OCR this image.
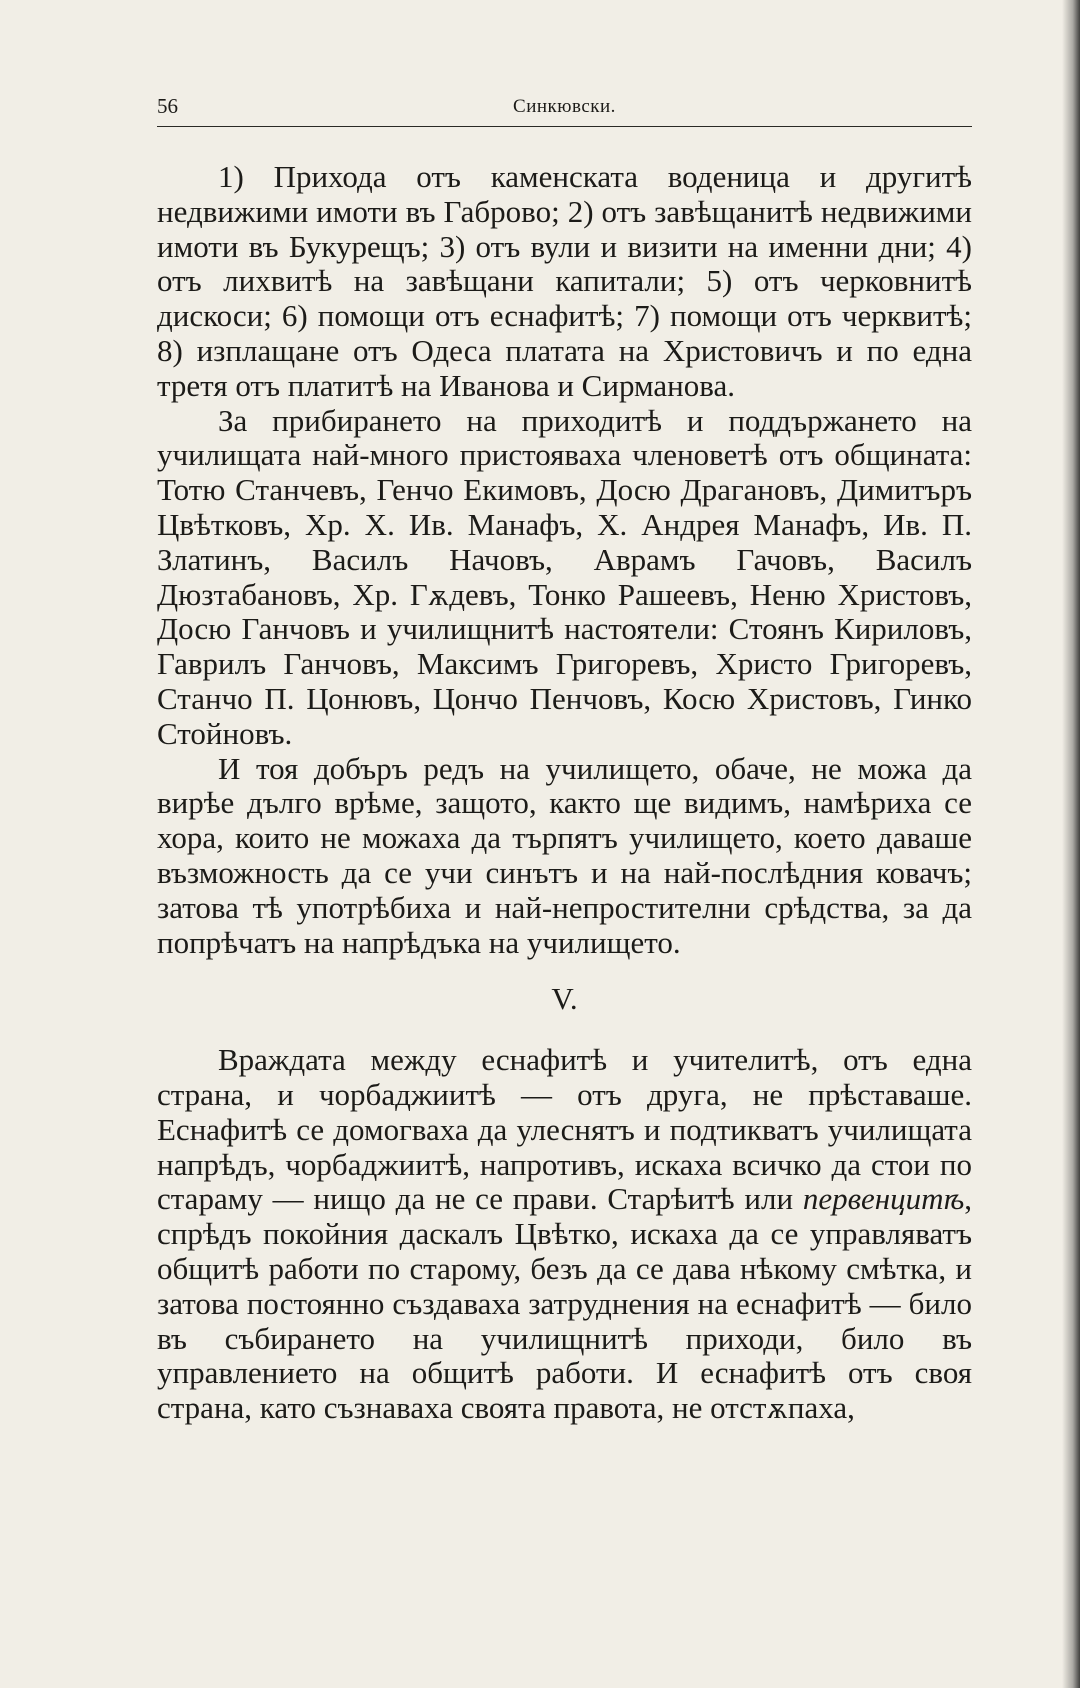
56	Синкювски.

1) Прихода отъ каменската воденица и другитѣ недвижими имоти въ Габрово; 2) отъ завѣщанитѣ недвижими имоти въ Букурещъ; 3) отъ вули и визити на именни дни; 4) отъ лихвитѣ на завѣщани капитали; 5) отъ черковнитѣ дискоси; 6) помощи отъ еснафитѣ; 7) помощи отъ черквитѣ; 8) изплащане отъ Одеса платата на Христовичъ и по една третя отъ платитѣ на Иванова и Сирманова.

За прибирането на приходитѣ и поддържането на училищата най-много пристояваха членоветѣ отъ общината: Тотю Станчевъ, Генчо Екимовъ, Досю Драгановъ, Димитъръ Цвѣтковъ, Хр. Х. Ив. Манафъ, Х. Андрея Манафъ, Ив. П. Златинъ, Василъ Начовъ, Аврамъ Гачовъ, Василъ Дюзтабановъ, Хр. Гѫдевъ, Тонко Рашеевъ, Неню Христовъ, Досю Ганчовъ и училищнитѣ настоятели: Стоянъ Кириловъ, Гаврилъ Ганчовъ, Максимъ Григоревъ, Христо Григоревъ, Станчо П. Цонювъ, Цончо Пенчовъ, Косю Христовъ, Гинко Стойновъ.

И тоя добъръ редъ на училището, обаче, не можа да вирѣе дълго врѣме, защото, както ще видимъ, намѣриха се хора, които не можаха да търпятъ училището, което даваше възможность да се учи синътъ и на най-послѣдния ковачъ; затова тѣ употрѣбиха и най-непростителни срѣдства, за да попрѣчатъ на напрѣдъка на училището.

V.

Враждата между еснафитѣ и учителитѣ, отъ една страна, и чорбаджиитѣ — отъ друга, не прѣставаше. Еснафитѣ се домогваха да улеснятъ и подтикватъ училищата напрѣдъ, чорбаджиитѣ, напротивъ, искаха всичко да стои по стараму — нищо да не се прави. Старѣитѣ или первенцитѣ, спрѣдъ покойния даскалъ Цвѣтко, искаха да се управляватъ общитѣ работи по старому, безъ да се дава нѣкому смѣтка, и затова постоянно създаваха затруднения на еснафитѣ — било въ събирането на училищнитѣ приходи, било въ управлението на общитѣ работи. И еснафитѣ отъ своя страна, като съзнаваха своята правота, не отстѫпаха,
